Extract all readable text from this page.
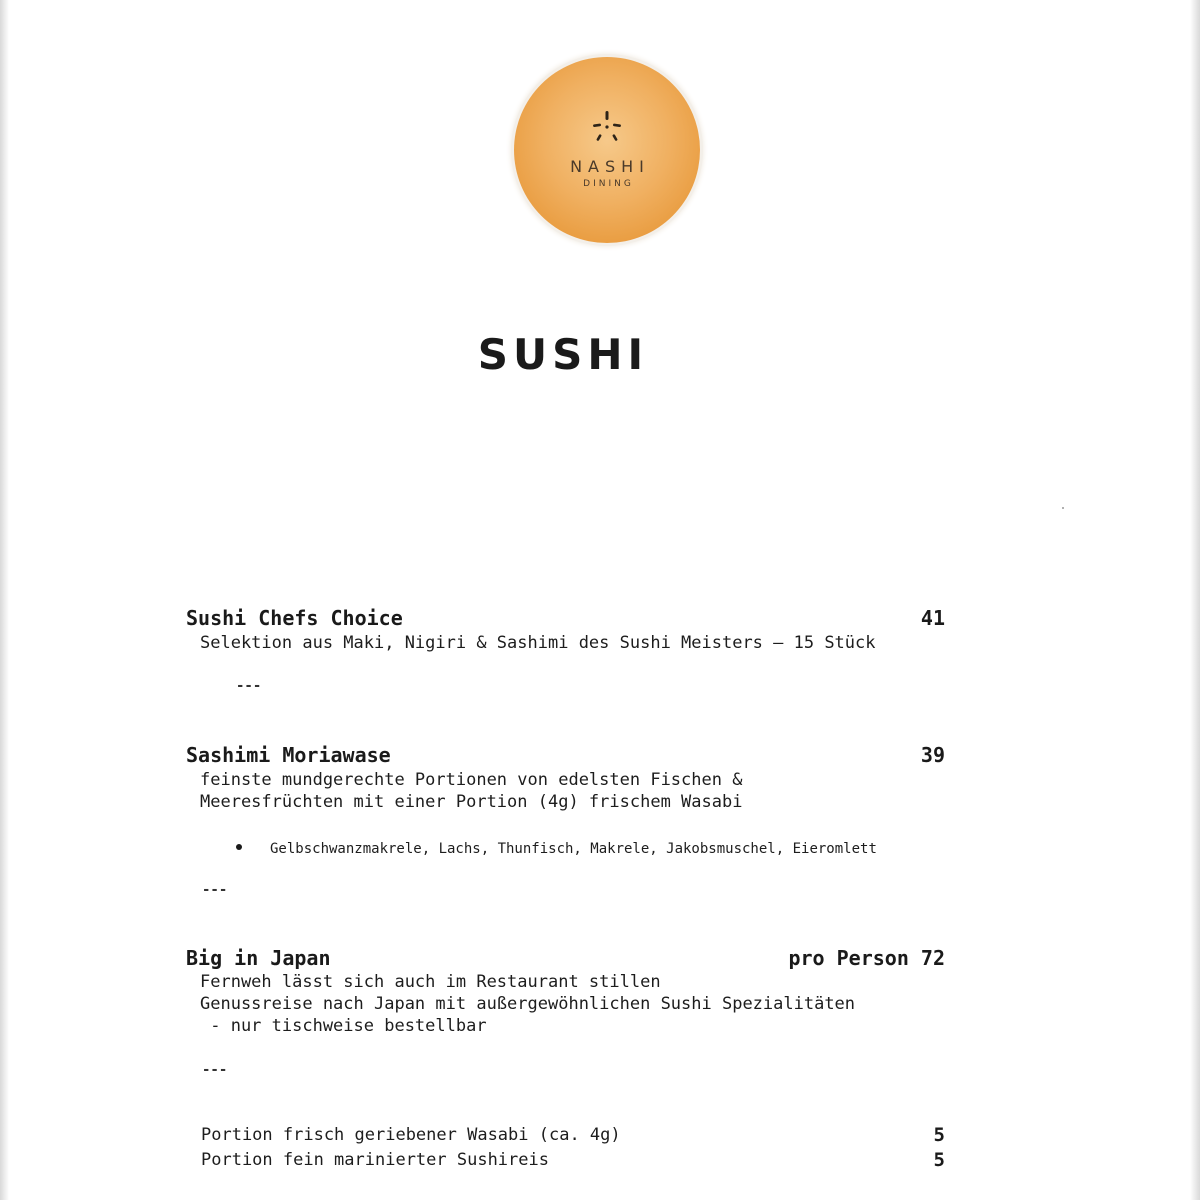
NASHI
DINING
SUSHI
Sushi Chefs Choice	41
Selektion aus Maki, Nigiri & Sashimi des Sushi Meisters – 15 Stück
---
Sashimi Moriawase	39
feinste mundgerechte Portionen von edelsten Fischen &
Meeresfrüchten mit einer Portion (4g) frischem Wasabi
Gelbschwanzmakrele, Lachs, Thunfisch, Makrele, Jakobsmuschel, Eieromlett
---
Big in Japan	pro Person 72
Fernweh lässt sich auch im Restaurant stillen
Genussreise nach Japan mit außergewöhnlichen Sushi Spezialitäten
- nur tischweise bestellbar
---
Portion frisch geriebener Wasabi (ca. 4g)	5
Portion fein marinierter Sushireis	5
